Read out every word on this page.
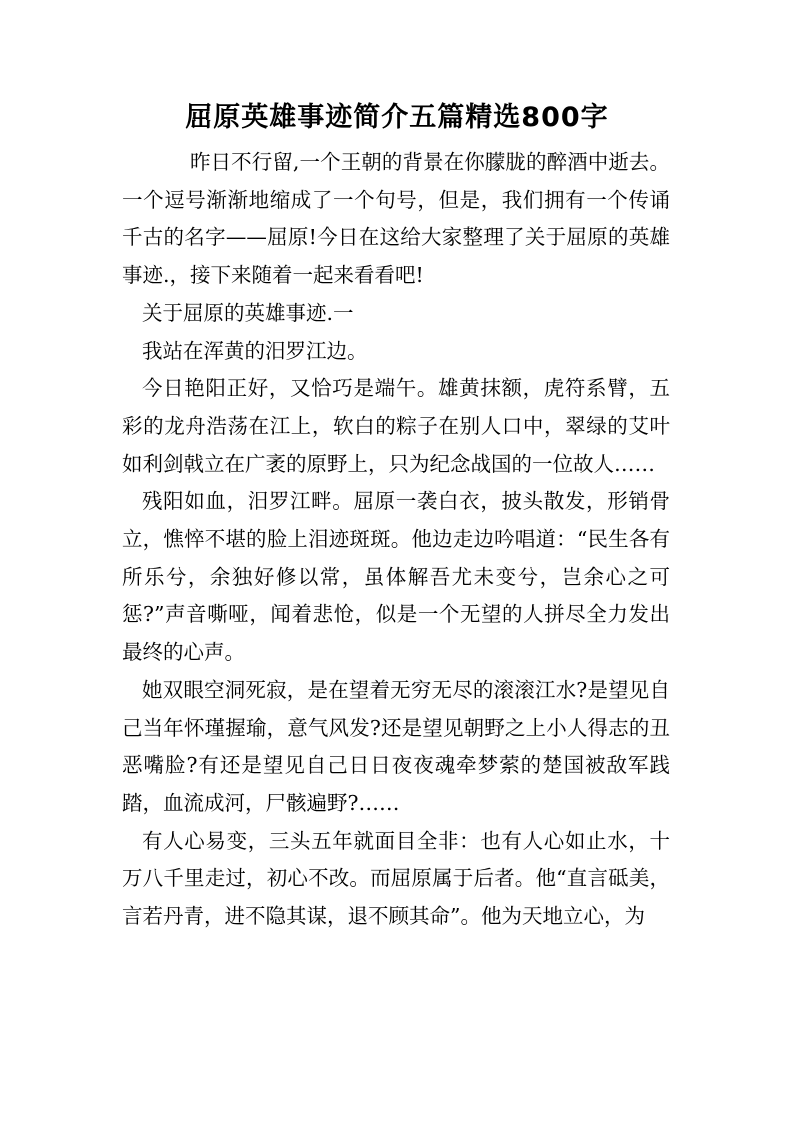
屈原英雄事迹简介五篇精选800字

昨日不行留,一个王朝的背景在你朦胧的醉酒中逝去。一个逗号渐渐地缩成了一个句号，但是，我们拥有一个传诵千古的名字——屈原!今日在这给大家整理了关于屈原的英雄事迹.，接下来随着一起来看看吧!

关于屈原的英雄事迹.一

我站在浑黄的汨罗江边。

今日艳阳正好，又恰巧是端午。雄黄抹额，虎符系臂，五彩的龙舟浩荡在江上，软白的粽子在别人口中，翠绿的艾叶如利剑戟立在广袤的原野上，只为纪念战国的一位故人……

残阳如血，汨罗江畔。屈原一袭白衣，披头散发，形销骨立，憔悴不堪的脸上泪迹斑斑。他边走边吟唱道：“民生各有所乐兮，余独好修以常，虽体解吾尤未变兮，岂余心之可惩?”声音嘶哑，闻着悲怆，似是一个无望的人拼尽全力发出最终的心声。

她双眼空洞死寂，是在望着无穷无尽的滚滚江水?是望见自己当年怀瑾握瑜，意气风发?还是望见朝野之上小人得志的丑恶嘴脸?有还是望见自己日日夜夜魂牵梦萦的楚国被敌军践踏，血流成河，尸骸遍野?……

有人心易变，三头五年就面目全非：也有人心如止水，十万八千里走过，初心不改。而屈原属于后者。他“直言砥美，言若丹青，进不隐其谋，退不顾其命”。他为天地立心，为
